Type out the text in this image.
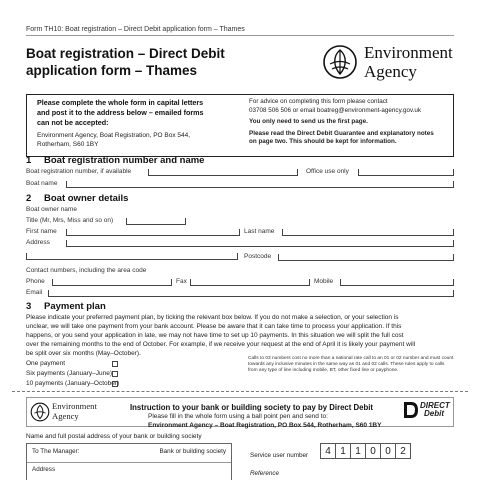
Form TH10: Boat registration – Direct Debit application form – Thames
Boat registration – Direct Debit
application form – Thames
Environment
Agency
Please complete the whole form in capital letters
and post it to the address below – emailed forms
can not be accepted:
Environment Agency, Boat Registration, PO Box 544,
Rotherham, S60 1BY
For advice on completing this form please contact
03708 506 506 or email boatreg@environment-agency.gov.uk
You only need to send us the first page.
Please read the Direct Debit Guarantee and explanatory notes
on page two. This should be kept for information.
1 Boat registration number and name
Boat registration number, if available	Office use only
Boat name
2 Boat owner details
Boat owner name
Title (Mr, Mrs, Miss and so on)
First name	Last name
Address
Postcode
Contact numbers, including the area code
Phone	Fax	Mobile
Email
3 Payment plan
Please indicate your preferred payment plan, by ticking the relevant box below. If you do not make a selection, or your selection is
unclear, we will take one payment from your bank account. Please be aware that it can take time to process your application. If this
happens, or you send your application in late, we may not have time to set up 10 payments. In this situation we will split the full cost
over the remaining months to the end of October. For example, if we receive your request at the end of April it is likely your payment will
be split over six months (May–October).
One payment
Six payments (January–June)
10 payments (January–October)
Calls to 03 numbers cost no more than a national rate call to an 01 or 02 number and must count towards any inclusive minutes in the same way as 01 and 02 calls. These rules apply to calls from any type of line including mobile, BT, other fixed line or payphone.
Environment
Agency
Instruction to your bank or building society to pay by Direct Debit
Please fill in the whole form using a ball point pen and send to:
Environment Agency – Boat Registration, PO Box 544, Rotherham, S60 1BY
DIRECT
Debit
Name and full postal address of your bank or building society
To The Manager:	Bank or building society
Address
Service user number	4 1 1 0 0 2
Reference
